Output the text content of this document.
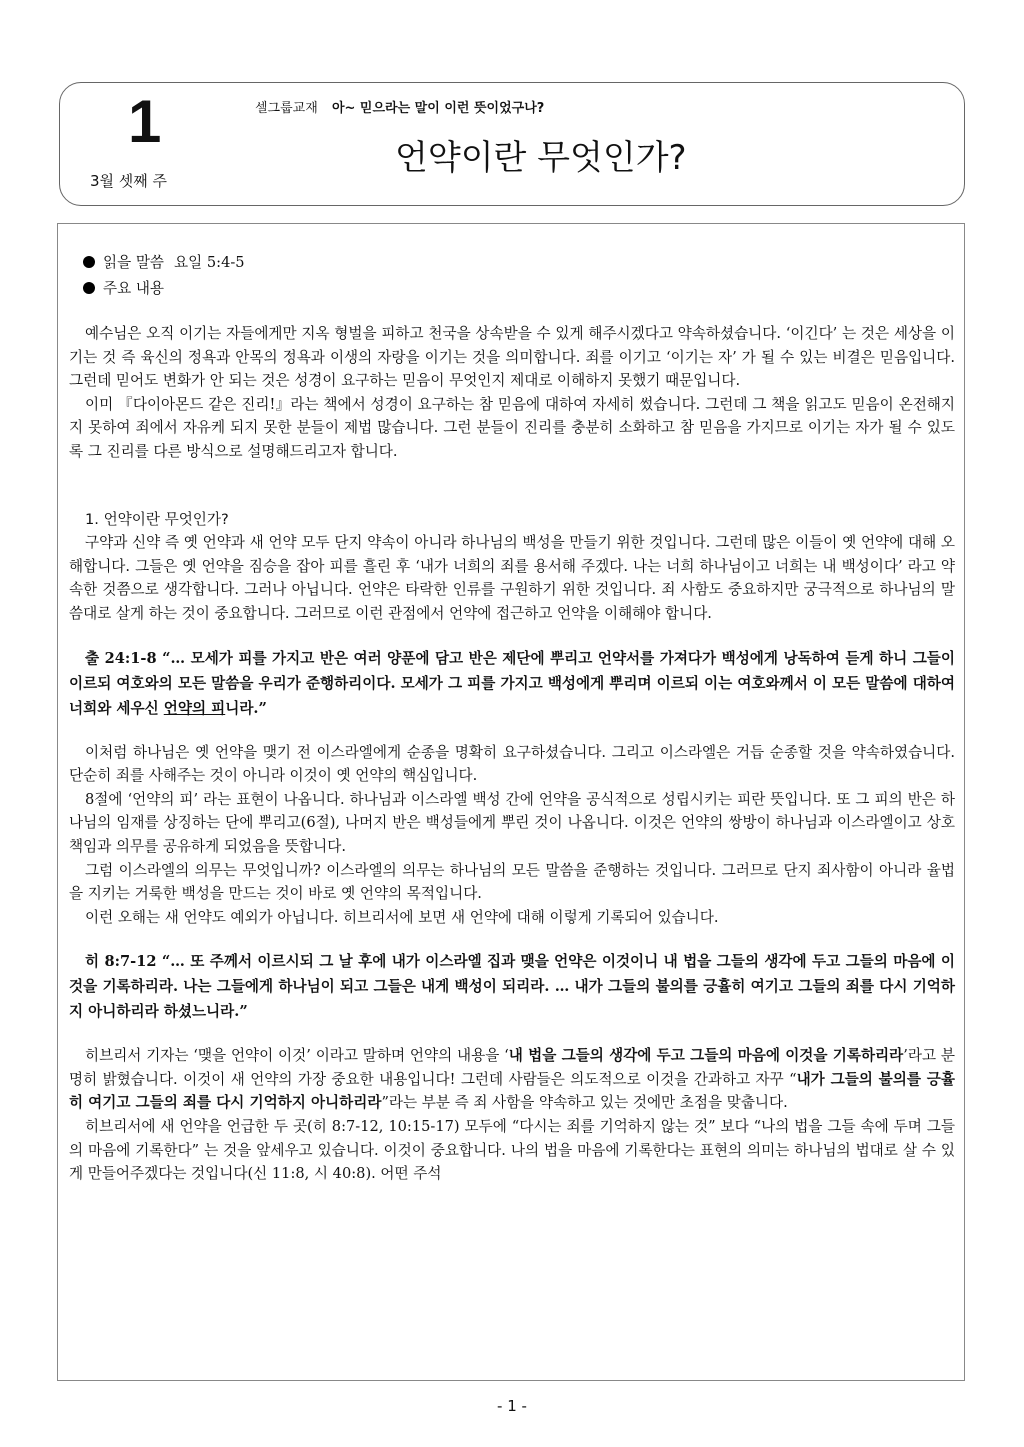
1
3월 셋째 주
셀그룹교재 아~ 믿으라는 말이 이런 뜻이었구나?
언약이란 무엇인가?
읽을 말씀 요일 5:4-5
주요 내용

예수님은 오직 이기는 자들에게만 지옥 형벌을 피하고 천국을 상속받을 수 있게 해주시겠다고 약속하셨습니다. ‘이긴다’ 는 것은 세상을 이기는 것 즉 육신의 정욕과 안목의 정욕과 이생의 자랑을 이기는 것을 의미합니다. 죄를 이기고 ‘이기는 자’ 가 될 수 있는 비결은 믿음입니다. 그런데 믿어도 변화가 안 되는 것은 성경이 요구하는 믿음이 무엇인지 제대로 이해하지 못했기 때문입니다.

이미 『다이아몬드 같은 진리!』라는 책에서 성경이 요구하는 참 믿음에 대하여 자세히 썼습니다. 그런데 그 책을 읽고도 믿음이 온전해지지 못하여 죄에서 자유케 되지 못한 분들이 제법 많습니다. 그런 분들이 진리를 충분히 소화하고 참 믿음을 가지므로 이기는 자가 될 수 있도록 그 진리를 다른 방식으로 설명해드리고자 합니다.

1. 언약이란 무엇인가?

구약과 신약 즉 옛 언약과 새 언약 모두 단지 약속이 아니라 하나님의 백성을 만들기 위한 것입니다. 그런데 많은 이들이 옛 언약에 대해 오해합니다. 그들은 옛 언약을 짐승을 잡아 피를 흘린 후 ‘내가 너희의 죄를 용서해 주겠다. 나는 너희 하나님이고 너희는 내 백성이다’ 라고 약속한 것쯤으로 생각합니다. 그러나 아닙니다. 언약은 타락한 인류를 구원하기 위한 것입니다. 죄 사함도 중요하지만 궁극적으로 하나님의 말씀대로 살게 하는 것이 중요합니다. 그러므로 이런 관점에서 언약에 접근하고 언약을 이해해야 합니다.

출 24:1-8 “… 모세가 피를 가지고 반은 여러 양푼에 담고 반은 제단에 뿌리고 언약서를 가져다가 백성에게 낭독하여 듣게 하니 그들이 이르되 여호와의 모든 말씀을 우리가 준행하리이다. 모세가 그 피를 가지고 백성에게 뿌리며 이르되 이는 여호와께서 이 모든 말씀에 대하여 너희와 세우신 언약의 피니라.”

이처럼 하나님은 옛 언약을 맺기 전 이스라엘에게 순종을 명확히 요구하셨습니다. 그리고 이스라엘은 거듭 순종할 것을 약속하였습니다. 단순히 죄를 사해주는 것이 아니라 이것이 옛 언약의 핵심입니다.

8절에 ‘언약의 피’ 라는 표현이 나옵니다. 하나님과 이스라엘 백성 간에 언약을 공식적으로 성립시키는 피란 뜻입니다. 또 그 피의 반은 하나님의 임재를 상징하는 단에 뿌리고(6절), 나머지 반은 백성들에게 뿌린 것이 나옵니다. 이것은 언약의 쌍방이 하나님과 이스라엘이고 상호 책임과 의무를 공유하게 되었음을 뜻합니다.

그럼 이스라엘의 의무는 무엇입니까? 이스라엘의 의무는 하나님의 모든 말씀을 준행하는 것입니다. 그러므로 단지 죄사함이 아니라 율법을 지키는 거룩한 백성을 만드는 것이 바로 옛 언약의 목적입니다.

이런 오해는 새 언약도 예외가 아닙니다. 히브리서에 보면 새 언약에 대해 이렇게 기록되어 있습니다.

히 8:7-12 “… 또 주께서 이르시되 그 날 후에 내가 이스라엘 집과 맺을 언약은 이것이니 내 법을 그들의 생각에 두고 그들의 마음에 이것을 기록하리라. 나는 그들에게 하나님이 되고 그들은 내게 백성이 되리라. … 내가 그들의 불의를 긍휼히 여기고 그들의 죄를 다시 기억하지 아니하리라 하셨느니라.”

히브리서 기자는 ‘맺을 언약이 이것’ 이라고 말하며 언약의 내용을 ‘내 법을 그들의 생각에 두고 그들의 마음에 이것을 기록하리라’라고 분명히 밝혔습니다. 이것이 새 언약의 가장 중요한 내용입니다! 그런데 사람들은 의도적으로 이것을 간과하고 자꾸 “내가 그들의 불의를 긍휼히 여기고 그들의 죄를 다시 기억하지 아니하리라”라는 부분 즉 죄 사함을 약속하고 있는 것에만 초점을 맞춥니다.

히브리서에 새 언약을 언급한 두 곳(히 8:7-12, 10:15-17) 모두에 “다시는 죄를 기억하지 않는 것” 보다 “나의 법을 그들 속에 두며 그들의 마음에 기록한다” 는 것을 앞세우고 있습니다. 이것이 중요합니다. 나의 법을 마음에 기록한다는 표현의 의미는 하나님의 법대로 살 수 있게 만들어주겠다는 것입니다(신 11:8, 시 40:8). 어떤 주석

- 1 -
